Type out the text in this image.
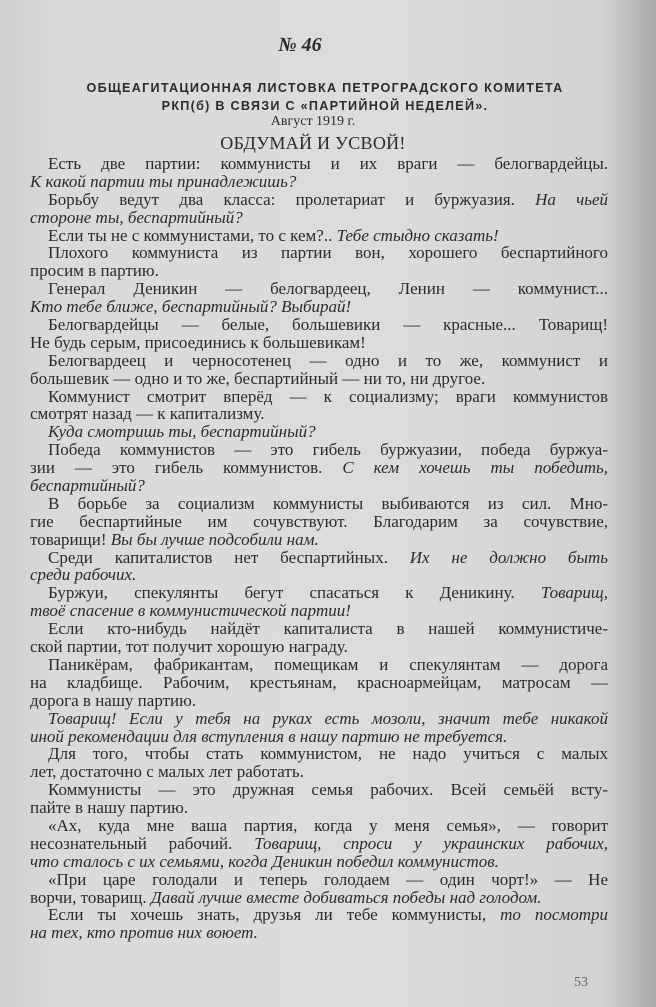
№ 46
ОБЩЕАГИТАЦИОННАЯ ЛИСТОВКА ПЕТРОГРАДСКОГО КОМИТЕТА
РКП(б) В СВЯЗИ С «ПАРТИЙНОЙ НЕДЕЛЕЙ».
Август 1919 г.
ОБДУМАЙ И УСВОЙ!
Есть две партии: коммунисты и их враги — белогвардейцы.
К какой партии ты принадлежишь?
Борьбу ведут два класса: пролетариат и буржуазия. На чьей
стороне ты, беспартийный?
Если ты не с коммунистами, то с кем?.. Тебе стыдно сказать!
Плохого коммуниста из партии вон, хорошего беспартийного
просим в партию.
Генерал Деникин — белогвардеец, Ленин — коммунист...
Кто тебе ближе, беспартийный? Выбирай!
Белогвардейцы — белые, большевики — красные... Товарищ!
Не будь серым, присоединись к большевикам!
Белогвардеец и черносотенец — одно и то же, коммунист и
большевик — одно и то же, беспартийный — ни то, ни другое.
Коммунист смотрит вперёд — к социализму; враги коммунистов
смотрят назад — к капитализму.
Куда смотришь ты, беспартийный?
Победа коммунистов — это гибель буржуазии, победа буржуа-
зии — это гибель коммунистов. С кем хочешь ты победить,
беспартийный?
В борьбе за социализм коммунисты выбиваются из сил. Мно-
гие беспартийные им сочувствуют. Благодарим за сочувствие,
товарищи! Вы бы лучше подсобили нам.
Среди капиталистов нет беспартийных. Их не должно быть
среди рабочих.
Буржуи, спекулянты бегут спасаться к Деникину. Товарищ,
твоё спасение в коммунистической партии!
Если кто-нибудь найдёт капиталиста в нашей коммунистиче-
ской партии, тот получит хорошую награду.
Паникёрам, фабрикантам, помещикам и спекулянтам — дорога
на кладбище. Рабочим, крестьянам, красноармейцам, матросам —
дорога в нашу партию.
Товарищ! Если у тебя на руках есть мозоли, значит тебе никакой
иной рекомендации для вступления в нашу партию не требуется.
Для того, чтобы стать коммунистом, не надо учиться с малых
лет, достаточно с малых лет работать.
Коммунисты — это дружная семья рабочих. Всей семьёй всту-
пайте в нашу партию.
«Ах, куда мне ваша партия, когда у меня семья», — говорит
несознательный рабочий. Товарищ, спроси у украинских рабочих,
что сталось с их семьями, когда Деникин победил коммунистов.
«При царе голодали и теперь голодаем — один чорт!» — Не
ворчи, товарищ. Давай лучше вместе добиваться победы над голодом.
Если ты хочешь знать, друзья ли тебе коммунисты, то посмотри
на тех, кто против них воюет.
53
